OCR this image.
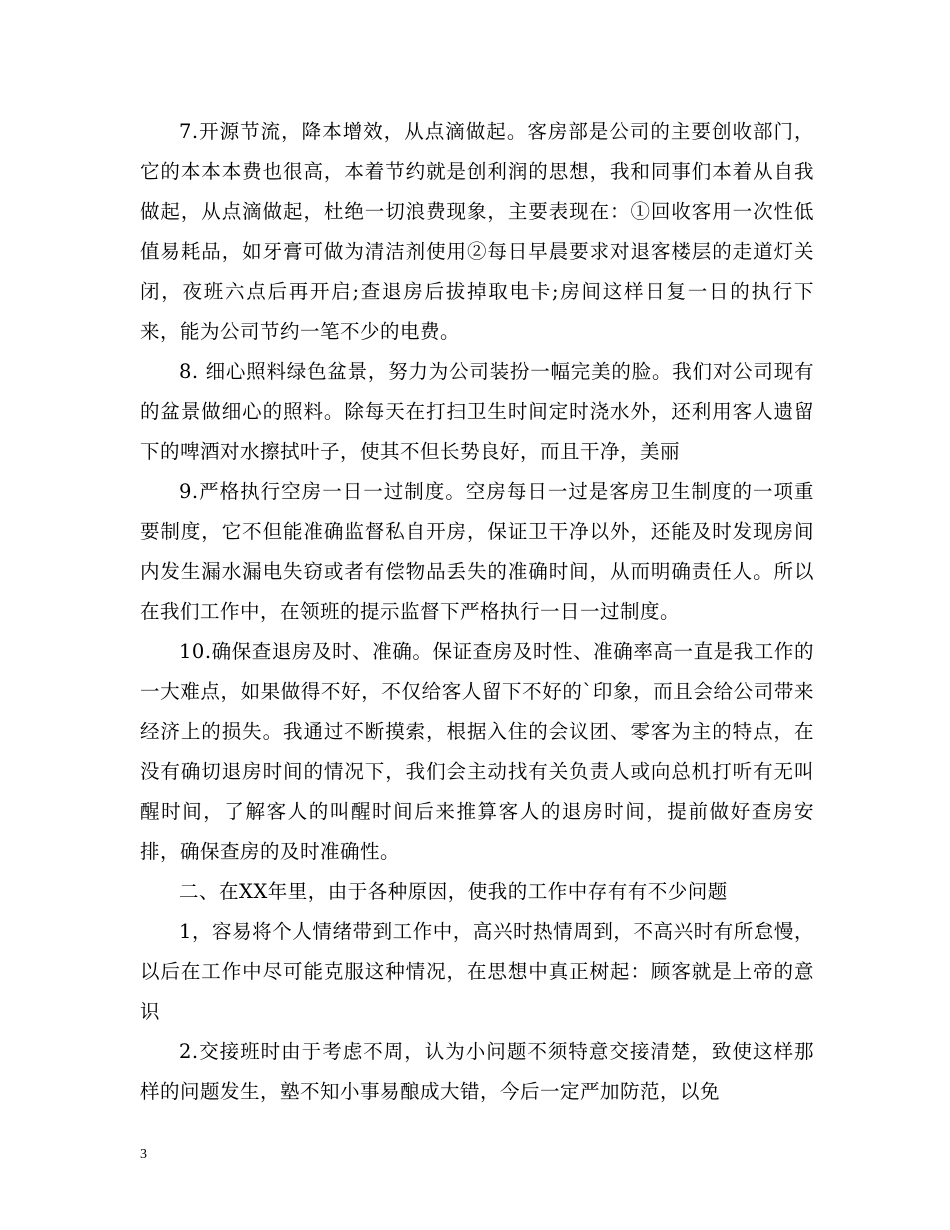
7.开源节流，降本增效，从点滴做起。客房部是公司的主要创收部门，它的本本本费也很高，本着节约就是创利润的思想，我和同事们本着从自我做起，从点滴做起，杜绝一切浪费现象，主要表现在：①回收客用一次性低值易耗品，如牙膏可做为清洁剂使用②每日早晨要求对退客楼层的走道灯关闭，夜班六点后再开启;查退房后拔掉取电卡;房间这样日复一日的执行下来，能为公司节约一笔不少的电费。

8. 细心照料绿色盆景，努力为公司装扮一幅完美的脸。我们对公司现有的盆景做细心的照料。除每天在打扫卫生时间定时浇水外，还利用客人遗留下的啤酒对水擦拭叶子，使其不但长势良好，而且干净，美丽

9.严格执行空房一日一过制度。空房每日一过是客房卫生制度的一项重要制度，它不但能准确监督私自开房，保证卫干净以外，还能及时发现房间内发生漏水漏电失窃或者有偿物品丢失的准确时间，从而明确责任人。所以在我们工作中，在领班的提示监督下严格执行一日一过制度。

10.确保查退房及时、准确。保证查房及时性、准确率高一直是我工作的一大难点，如果做得不好，不仅给客人留下不好的`印象，而且会给公司带来经济上的损失。我通过不断摸索，根据入住的会议团、零客为主的特点，在没有确切退房时间的情况下，我们会主动找有关负责人或向总机打听有无叫醒时间，了解客人的叫醒时间后来推算客人的退房时间，提前做好查房安排，确保查房的及时准确性。

二、在XX年里，由于各种原因，使我的工作中存有有不少问题

1，容易将个人情绪带到工作中，高兴时热情周到，不高兴时有所怠慢，以后在工作中尽可能克服这种情况，在思想中真正树起：顾客就是上帝的意识

2.交接班时由于考虑不周，认为小问题不须特意交接清楚，致使这样那样的问题发生，塾不知小事易酿成大错，今后一定严加防范，以免

3
